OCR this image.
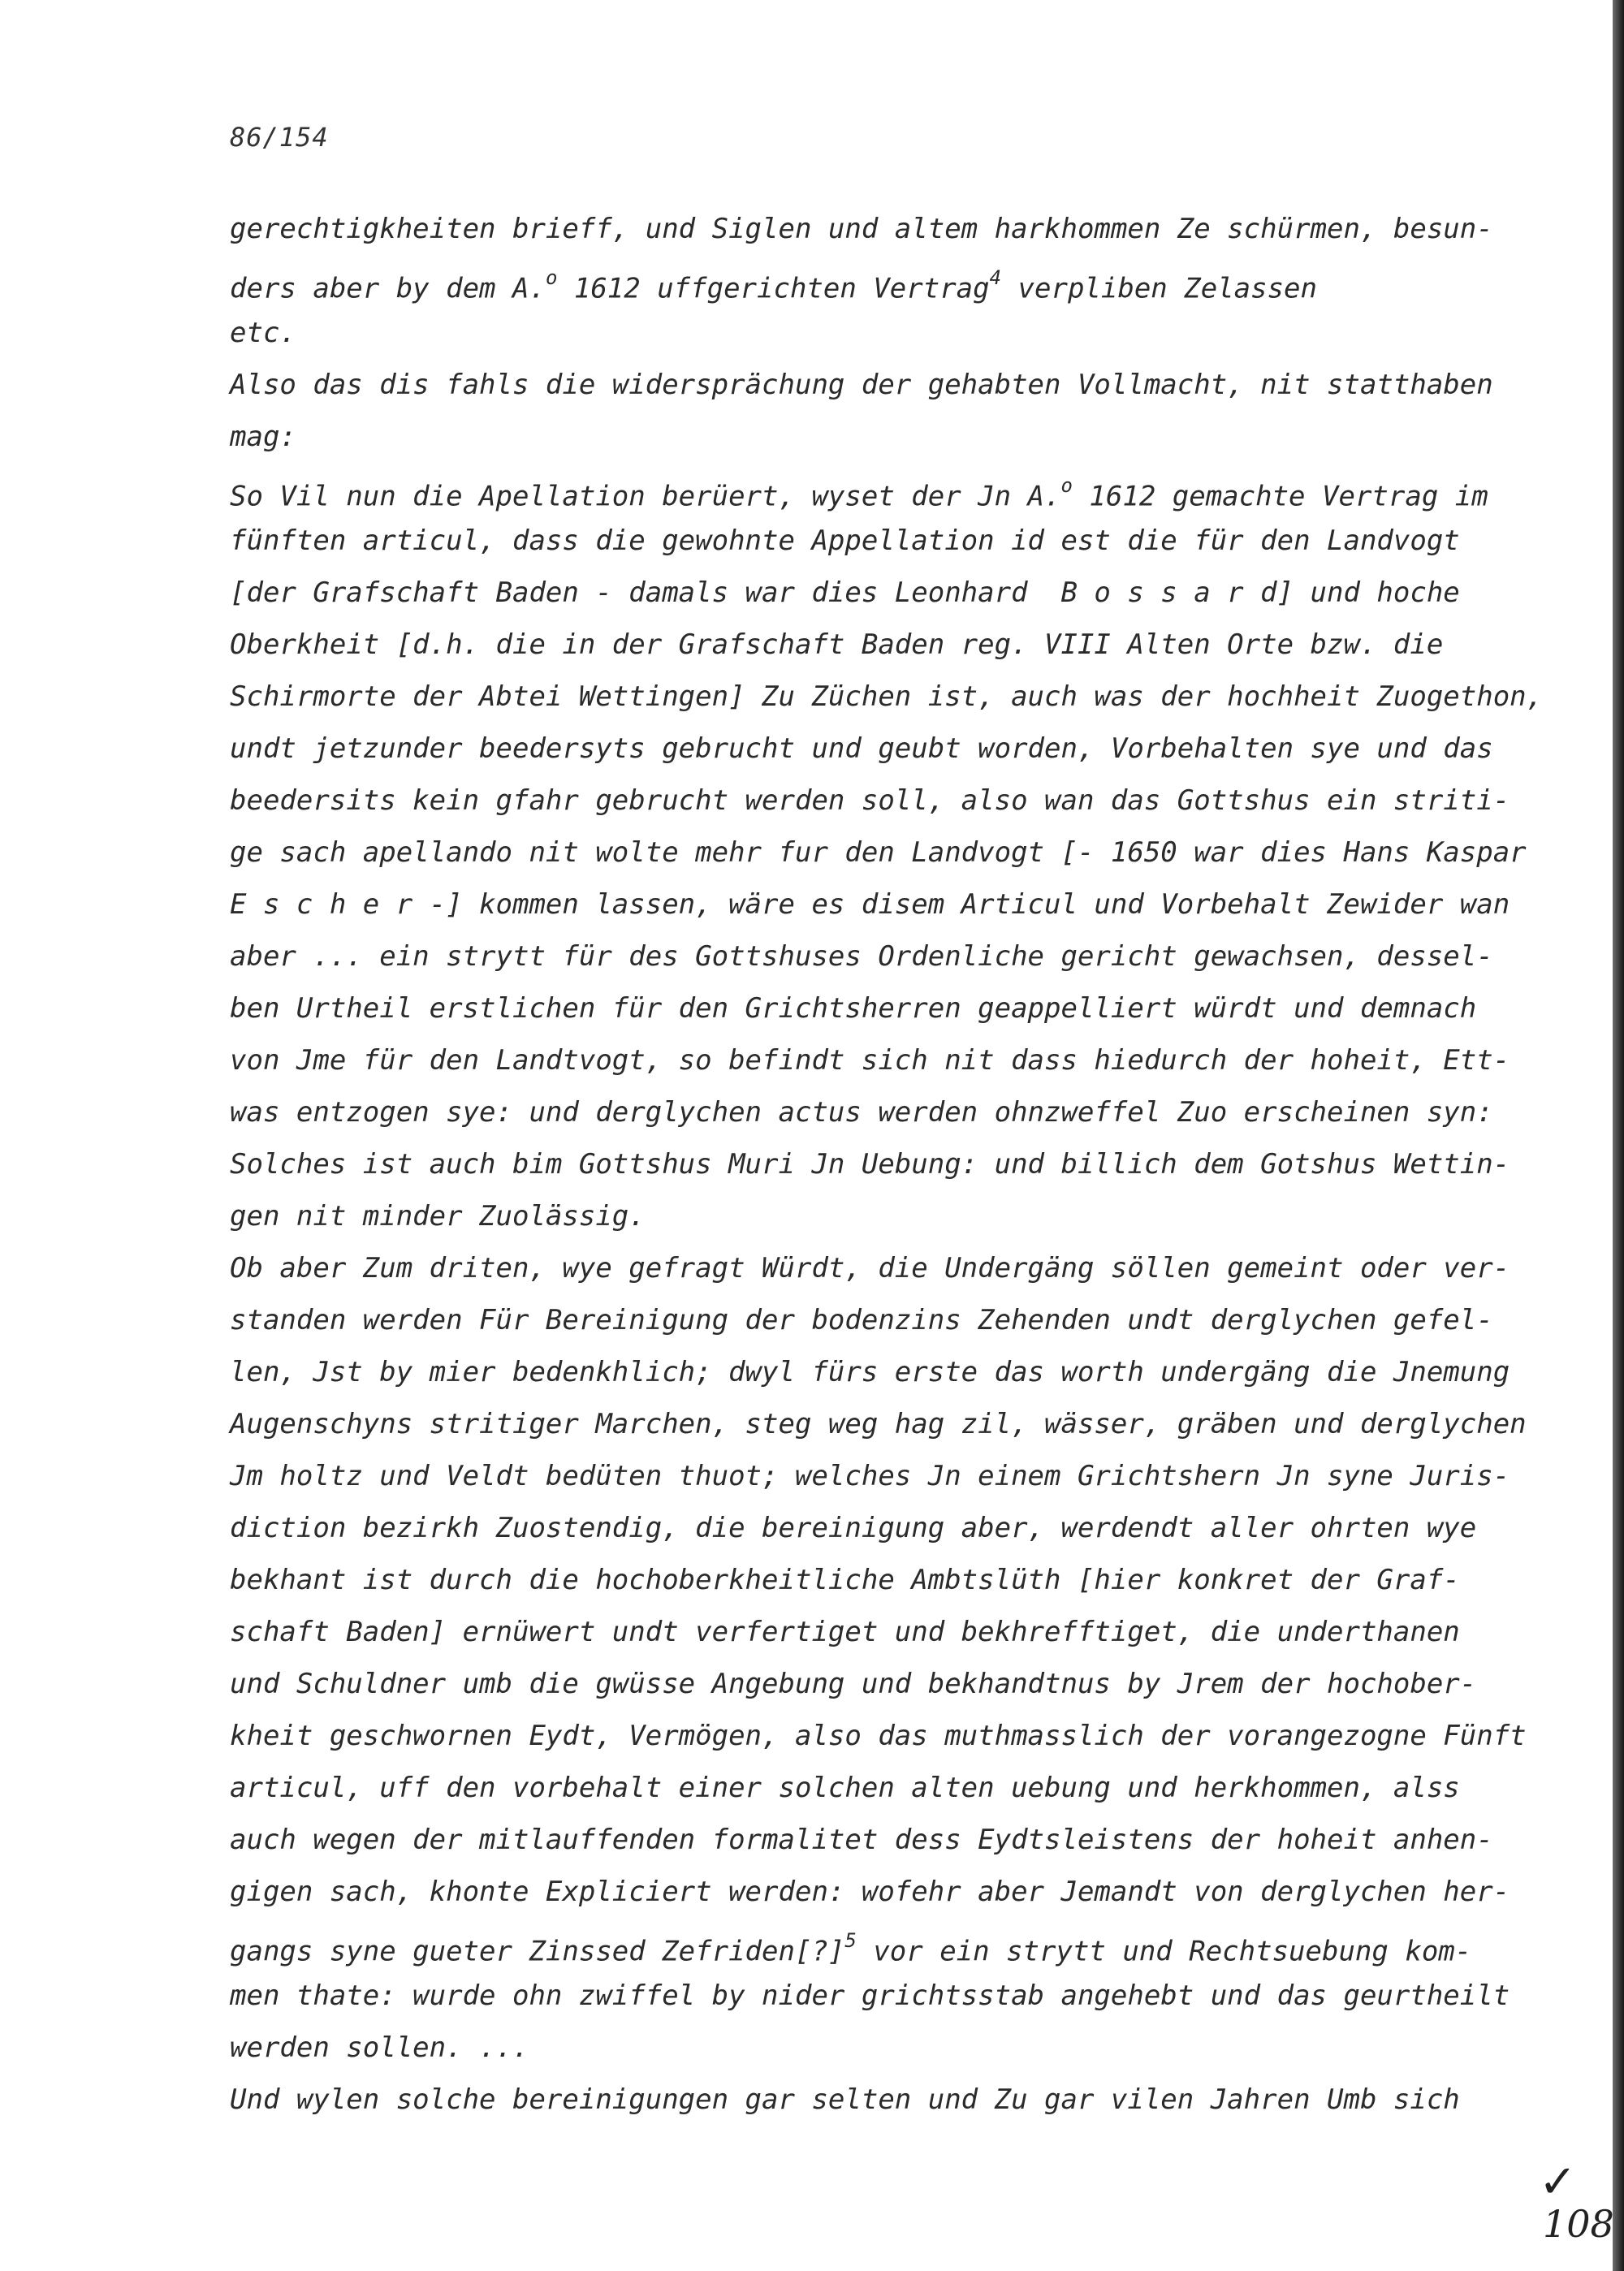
86/154
gerechtigkheiten brieff, und Siglen und altem harkhommen Ze schürmen, besun-
ders aber by dem A.$^o$ 1612 uffgerichten Vertrag$^4$ verpliben Zelassen
etc.
Also das dis fahls die widersprächung der gehabten Vollmacht, nit statthaben
mag:
So Vil nun die Apellation berüert, wyset der Jn A.$^o$ 1612 gemachte Vertrag im
fünften articul, dass die gewohnte Appellation id est die für den Landvogt
[der Grafschaft Baden - damals war dies Leonhard  B o s s a r d] und hoche
Oberkheit [d.h. die in der Grafschaft Baden reg. VIII Alten Orte bzw. die
Schirmorte der Abtei Wettingen] Zu Züchen ist, auch was der hochheit Zuogethon,
undt jetzunder beedersyts gebrucht und geubt worden, Vorbehalten sye und das
beedersits kein gfahr gebrucht werden soll, also wan das Gottshus ein striti-
ge sach apellando nit wolte mehr fur den Landvogt [- 1650 war dies Hans Kaspar
E s c h e r -] kommen lassen, wäre es disem Articul und Vorbehalt Zewider wan
aber ... ein strytt für des Gottshuses Ordenliche gericht gewachsen, dessel-
ben Urtheil erstlichen für den Grichtsherren geappelliert würdt und demnach
von Jme für den Landtvogt, so befindt sich nit dass hiedurch der hoheit, Ett-
was entzogen sye: und derglychen actus werden ohnzweffel Zuo erscheinen syn:
Solches ist auch bim Gottshus Muri Jn Uebung: und billich dem Gotshus Wettin-
gen nit minder Zuolässig.
Ob aber Zum driten, wye gefragt Würdt, die Undergäng söllen gemeint oder ver-
standen werden Für Bereinigung der bodenzins Zehenden undt derglychen gefel-
len, Jst by mier bedenkhlich; dwyl fürs erste das worth undergäng die Jnemung
Augenschyns stritiger Marchen, steg weg hag zil, wässer, gräben und derglychen
Jm holtz und Veldt bedüten thuot; welches Jn einem Grichtshern Jn syne Juris-
diction bezirkh Zuostendig, die bereinigung aber, werdendt aller ohrten wye
bekhant ist durch die hochoberkheitliche Ambtslüth [hier konkret der Graf-
schaft Baden] ernüwert undt verfertiget und bekhrefftiget, die underthanen
und Schuldner umb die gwüsse Angebung und bekhandtnus by Jrem der hochober-
kheit geschwornen Eydt, Vermögen, also das muthmasslich der vorangezogne Fünft
articul, uff den vorbehalt einer solchen alten uebung und herkhommen, alss
auch wegen der mitlauffenden formalitet dess Eydtsleistens der hoheit anhen-
gigen sach, khonte Expliciert werden: wofehr aber Jemandt von derglychen her-
gangs syne gueter Zinssed Zefriden[?]$^5$ vor ein strytt und Rechtsuebung kom-
men thate: wurde ohn zwiffel by nider grichtsstab angehebt und das geurtheilt
werden sollen. ...
Und wylen solche bereinigungen gar selten und Zu gar vilen Jahren Umb sich
✓
108
